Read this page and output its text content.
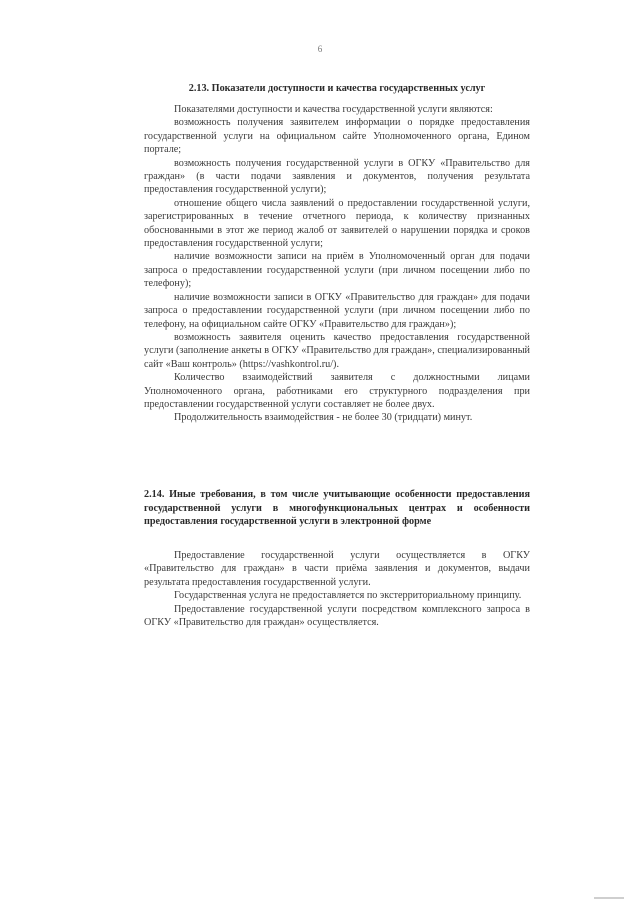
6
2.13. Показатели доступности и качества государственных услуг

Показателями доступности и качества государственной услуги являются:

возможность получения заявителем информации о порядке предоставления государственной услуги на официальном сайте Уполномоченного органа, Едином портале;

возможность получения государственной услуги в ОГКУ «Правительство для граждан» (в части подачи заявления и документов, получения результата предоставления государственной услуги);

отношение общего числа заявлений о предоставлении государственной услуги, зарегистрированных в течение отчетного периода, к количеству признанных обоснованными в этот же период жалоб от заявителей о нарушении порядка и сроков предоставления государственной услуги;

наличие возможности записи на приём в Уполномоченный орган для подачи запроса о предоставлении государственной услуги (при личном посещении либо по телефону);

наличие возможности записи в ОГКУ «Правительство для граждан» для подачи запроса о предоставлении государственной услуги (при личном посещении либо по телефону, на официальном сайте ОГКУ «Правительство для граждан»);

возможность заявителя оценить качество предоставления государственной услуги (заполнение анкеты в ОГКУ «Правительство для граждан», специализированный сайт «Ваш контроль» (https://vashkontrol.ru/).

Количество взаимодействий заявителя с должностными лицами Уполномоченного органа, работниками его структурного подразделения при предоставлении государственной услуги составляет не более двух.

Продолжительность взаимодействия - не более 30 (тридцати) минут.

2.14. Иные требования, в том числе учитывающие особенности предоставления государственной услуги в многофункциональных центрах и особенности предоставления государственной услуги в электронной форме

Предоставление государственной услуги осуществляется в ОГКУ «Правительство для граждан» в части приёма заявления и документов, выдачи результата предоставления государственной услуги.

Государственная услуга не предоставляется по экстерриториальному принципу.

Предоставление государственной услуги посредством комплексного запроса в ОГКУ «Правительство для граждан» осуществляется.
